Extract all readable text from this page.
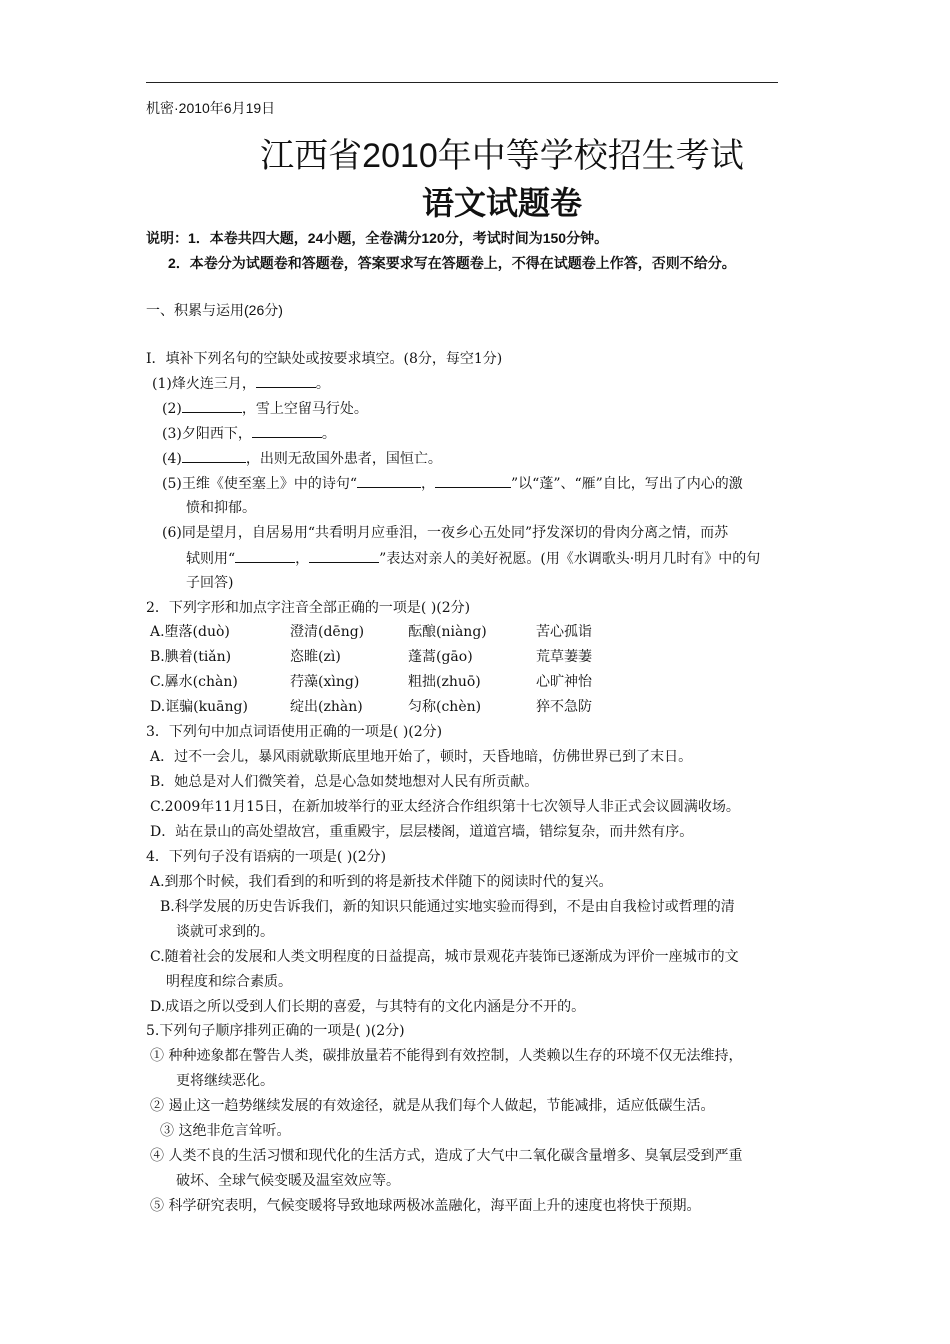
机密·2010年6月19日
江西省2010年中等学校招生考试
语文试题卷
说明：1．本卷共四大题，24小题，全卷满分120分，考试时间为150分钟。
2．本卷分为试题卷和答题卷，答案要求写在答题卷上，不得在试题卷上作答，否则不给分。
一、积累与运用(26分)
I．填补下列名句的空缺处或按要求填空。(8分，每空1分)
(1)烽火连三月，	。
(2)	，雪上空留马行处。
(3)夕阳西下，	。
(4)	，出则无敌国外患者，国恒亡。
(5)王维《使至塞上》中的诗句“	，	”以“蓬”、“雁”自比，写出了内心的激
愤和抑郁。
(6)同是望月，自居易用“共看明月应垂泪，一夜乡心五处同”抒发深切的骨肉分离之情，而苏
轼则用“	，	”表达对亲人的美好祝愿。(用《水调歌头·明月几时有》中的句
子回答)
2．下列字形和加点字注音全部正确的一项是( )(2分)
A.堕落(duò)	澄清(dēng)	酝酿(niàng)	苦心孤诣
B.腆着(tiǎn)	恣睢(zì)	蓬蒿(gāo)	荒草萋萋
C.羼水(chàn)	荇藻(xìng)	粗拙(zhuō)	心旷神怡
D.诓骗(kuāng)	绽出(zhàn)	匀称(chèn)	猝不急防
3．下列句中加点词语使用正确的一项是( )(2分)
A．过不一会儿，暴风雨就歇斯底里地开始了，顿时，天昏地暗，仿佛世界已到了末日。
B．她总是对人们微笑着，总是心急如焚地想对人民有所贡献。
C.2009年11月15日，在新加坡举行的亚太经济合作组织第十七次领导人非正式会议圆满收场。
D．站在景山的高处望故宫，重重殿宇，层层楼阁，道道宫墙，错综复杂，而井然有序。
4．下列句子没有语病的一项是( )(2分)
A.到那个时候，我们看到的和听到的将是新技术伴随下的阅读时代的复兴。
B.科学发展的历史告诉我们，新的知识只能通过实地实验而得到，不是由自我检讨或哲理的清
谈就可求到的。
C.随着社会的发展和人类文明程度的日益提高，城市景观花卉装饰已逐渐成为评价一座城市的文
明程度和综合素质。
D.成语之所以受到人们长期的喜爱，与其特有的文化内涵是分不开的。
5.下列句子顺序排列正确的一项是( )(2分)
① 种种迹象都在警告人类，碳排放量若不能得到有效控制，人类赖以生存的环境不仅无法维持，
更将继续恶化。
② 遏止这一趋势继续发展的有效途径，就是从我们每个人做起，节能减排，适应低碳生活。
③ 这绝非危言耸听。
④ 人类不良的生活习惯和现代化的生活方式，造成了大气中二氧化碳含量增多、臭氧层受到严重
破坏、全球气候变暖及温室效应等。
⑤ 科学研究表明，气候变暖将导致地球两极冰盖融化，海平面上升的速度也将快于预期。
